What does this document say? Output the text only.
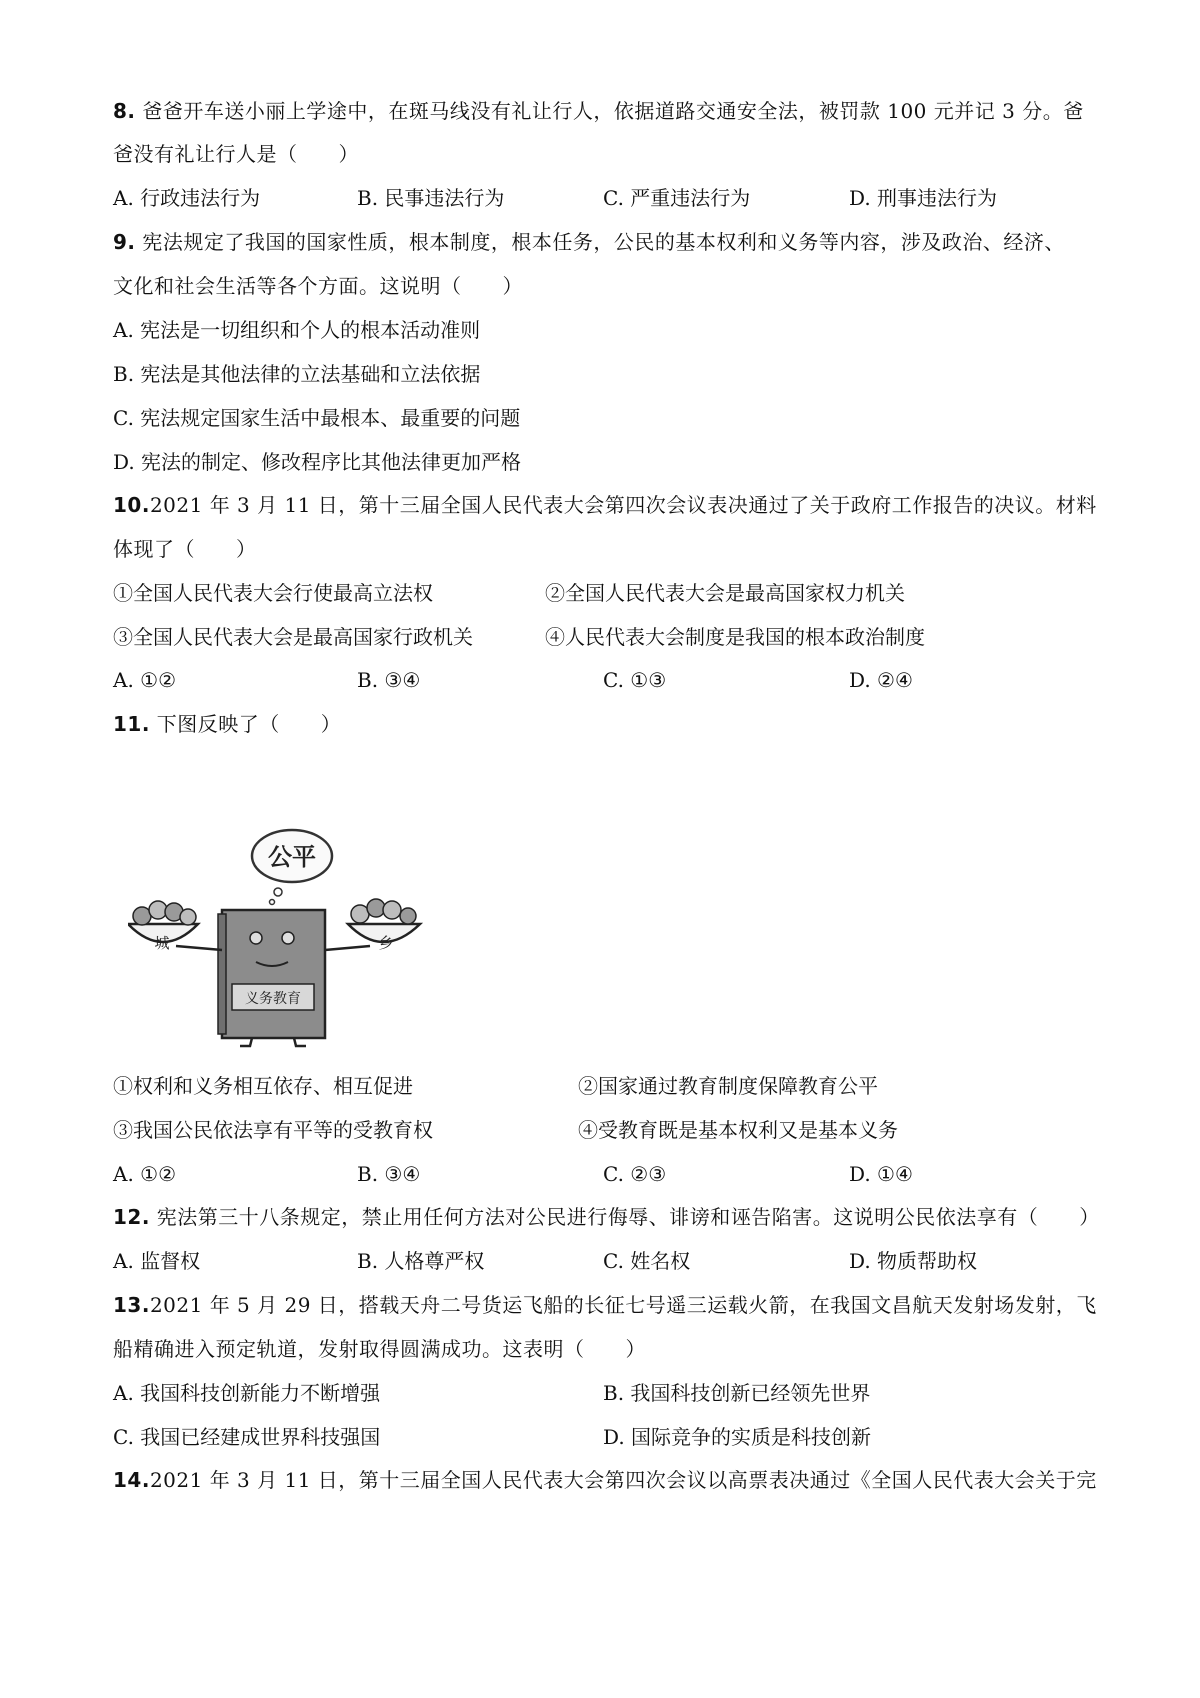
8. 爸爸开车送小丽上学途中，在斑马线没有礼让行人，依据道路交通安全法，被罚款 100 元并记 3 分。爸
爸没有礼让行人是（　　）
A. 行政违法行为	B. 民事违法行为	C. 严重违法行为	D. 刑事违法行为
9. 宪法规定了我国的国家性质，根本制度，根本任务，公民的基本权利和义务等内容，涉及政治、经济、
文化和社会生活等各个方面。这说明（　　）
A. 宪法是一切组织和个人的根本活动准则
B. 宪法是其他法律的立法基础和立法依据
C. 宪法规定国家生活中最根本、最重要的问题
D. 宪法的制定、修改程序比其他法律更加严格
10.2021 年 3 月 11 日，第十三届全国人民代表大会第四次会议表决通过了关于政府工作报告的决议。材料
体现了（　　）
①全国人民代表大会行使最高立法权	②全国人民代表大会是最高国家权力机关
③全国人民代表大会是最高国家行政机关	④人民代表大会制度是我国的根本政治制度
A. ①②	B. ③④	C. ①③	D. ②④
11. 下图反映了（　　）
公平
义务教育
城	乡
①权利和义务相互依存、相互促进	②国家通过教育制度保障教育公平
③我国公民依法享有平等的受教育权	④受教育既是基本权利又是基本义务
A. ①②	B. ③④	C. ②③	D. ①④
12. 宪法第三十八条规定，禁止用任何方法对公民进行侮辱、诽谤和诬告陷害。这说明公民依法享有（　　）
A. 监督权	B. 人格尊严权	C. 姓名权	D. 物质帮助权
13.2021 年 5 月 29 日，搭载天舟二号货运飞船的长征七号遥三运载火箭，在我国文昌航天发射场发射，飞
船精确进入预定轨道，发射取得圆满成功。这表明（　　）
A. 我国科技创新能力不断增强	B. 我国科技创新已经领先世界
C. 我国已经建成世界科技强国	D. 国际竞争的实质是科技创新
14.2021 年 3 月 11 日，第十三届全国人民代表大会第四次会议以高票表决通过《全国人民代表大会关于完
